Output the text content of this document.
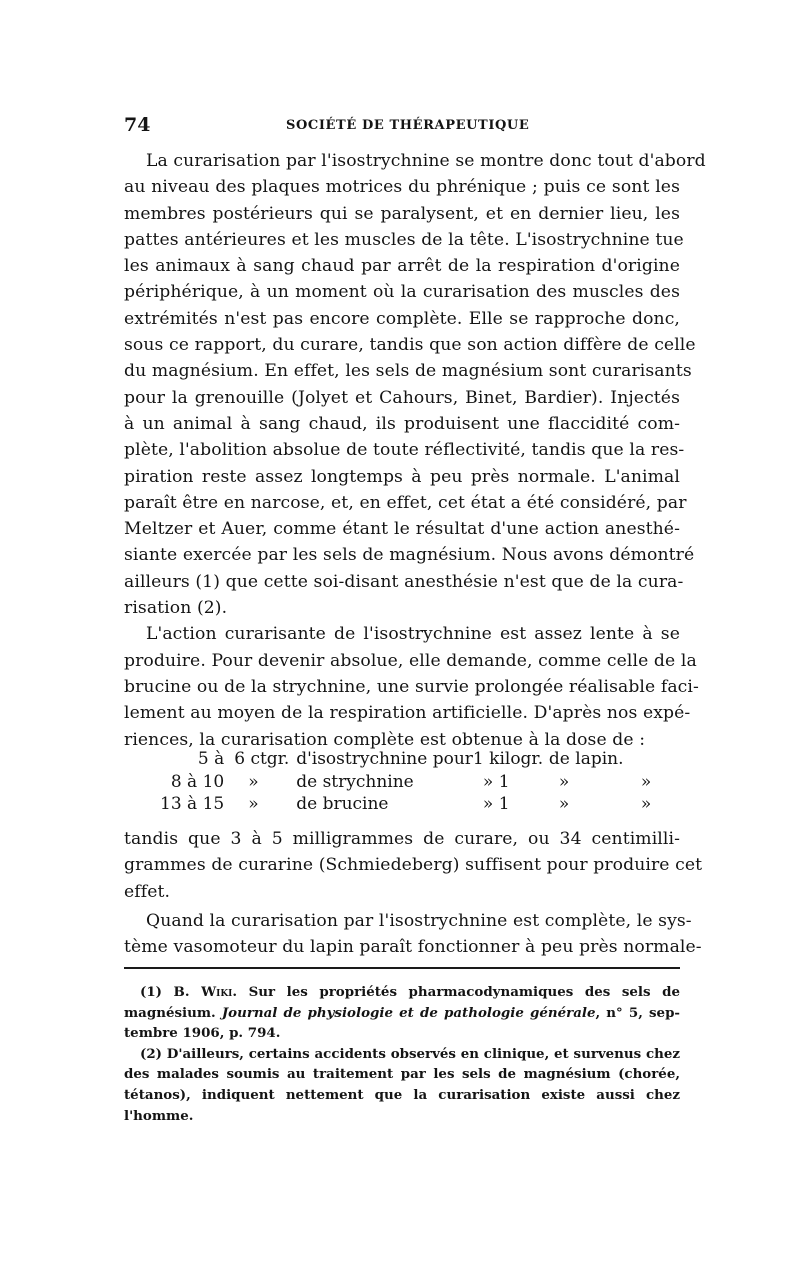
74	SOCIÉTÉ DE THÉRAPEUTIQUE
La curarisation par l'isostrychnine se montre donc tout d'abord
au niveau des plaques motrices du phrénique ; puis ce sont les
membres postérieurs qui se paralysent, et en dernier lieu, les
pattes antérieures et les muscles de la tête. L'isostrychnine tue
les animaux à sang chaud par arrêt de la respiration d'origine
périphérique, à un moment où la curarisation des muscles des
extrémités n'est pas encore complète. Elle se rapproche donc,
sous ce rapport, du curare, tandis que son action diffère de celle
du magnésium. En effet, les sels de magnésium sont curarisants
pour la grenouille (Jolyet et Cahours, Binet, Bardier). Injectés
à un animal à sang chaud, ils produisent une flaccidité com-
plète, l'abolition absolue de toute réflectivité, tandis que la res-
piration reste assez longtemps à peu près normale. L'animal
paraît être en narcose, et, en effet, cet état a été considéré, par
Meltzer et Auer, comme étant le résultat d'une action anesthé-
siante exercée par les sels de magnésium. Nous avons démontré
ailleurs (1) que cette soi-disant anesthésie n'est que de la cura-
risation (2).
L'action curarisante de l'isostrychnine est assez lente à se
produire. Pour devenir absolue, elle demande, comme celle de la
brucine ou de la strychnine, une survie prolongée réalisable faci-
lement au moyen de la respiration artificielle. D'après nos expé-
riences, la curarisation complète est obtenue à la dose de :
5 à	6 ctgr.	d'isostrychnine pour	1 kilogr.	de lapin.	
8 à 10	»	de strychnine	» 1	»	»
13 à 15	»	de brucine	» 1	»	»
tandis que 3 à 5 milligrammes de curare, ou 34 centimilli-
grammes de curarine (Schmiedeberg) suffisent pour produire cet
effet.
Quand la curarisation par l'isostrychnine est complète, le sys-
tème vasomoteur du lapin paraît fonctionner à peu près normale-
(1) B. Wiki. Sur les propriétés pharmacodynamiques des sels de
magnésium. Journal de physiologie et de pathologie générale, n° 5, sep-
tembre 1906, p. 794.
(2) D'ailleurs, certains accidents observés en clinique, et survenus chez
des malades soumis au traitement par les sels de magnésium (chorée,
tétanos), indiquent nettement que la curarisation existe aussi chez
l'homme.
